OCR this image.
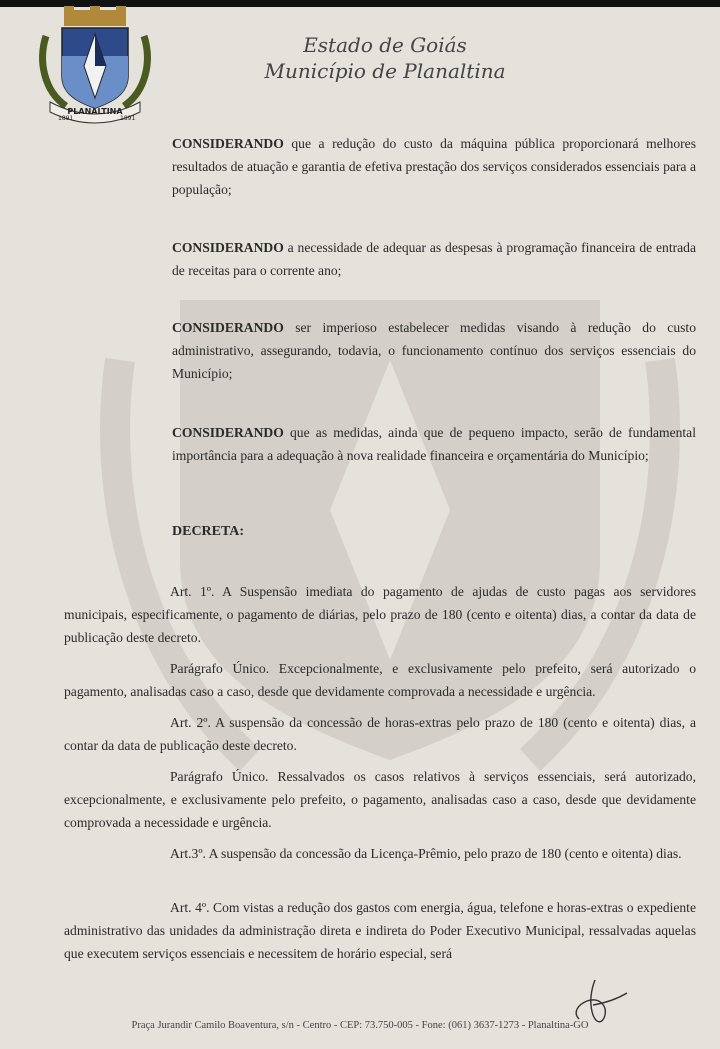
PLANALTINA
1891	1891
Estado de Goiás
Município de Planaltina
CONSIDERANDO que a redução do custo da máquina pública proporcionará melhores resultados de atuação e garantia de efetiva prestação dos serviços considerados essenciais para a população;
CONSIDERANDO a necessidade de adequar as despesas à programação financeira de entrada de receitas para o corrente ano;
CONSIDERANDO ser imperioso estabelecer medidas visando à redução do custo administrativo, assegurando, todavia, o funcionamento contínuo dos serviços essenciais do Município;
CONSIDERANDO que as medidas, ainda que de pequeno impacto, serão de fundamental importância para a adequação à nova realidade financeira e orçamentária do Município;
DECRETA:
Art. 1º. A Suspensão imediata do pagamento de ajudas de custo pagas aos servidores municipais, especificamente, o pagamento de diárias, pelo prazo de 180 (cento e oitenta) dias, a contar da data de publicação deste decreto.
Parágrafo Único. Excepcionalmente, e exclusivamente pelo prefeito, será autorizado o pagamento, analisadas caso a caso, desde que devidamente comprovada a necessidade e urgência.
Art. 2º. A suspensão da concessão de horas-extras pelo prazo de 180 (cento e oitenta) dias, a contar da data de publicação deste decreto.
Parágrafo Único. Ressalvados os casos relativos à serviços essenciais, será autorizado, excepcionalmente, e exclusivamente pelo prefeito, o pagamento, analisadas caso a caso, desde que devidamente comprovada a necessidade e urgência.
Art.3º. A suspensão da concessão da Licença-Prêmio, pelo prazo de 180 (cento e oitenta) dias.
Art. 4º. Com vistas a redução dos gastos com energia, água, telefone e horas-extras o expediente administrativo das unidades da administração direta e indireta do Poder Executivo Municipal, ressalvadas aquelas que executem serviços essenciais e necessitem de horário especial, será
Praça Jurandir Camilo Boaventura, s/n - Centro - CEP: 73.750-005 - Fone: (061) 3637-1273 - Planaltina-GO
